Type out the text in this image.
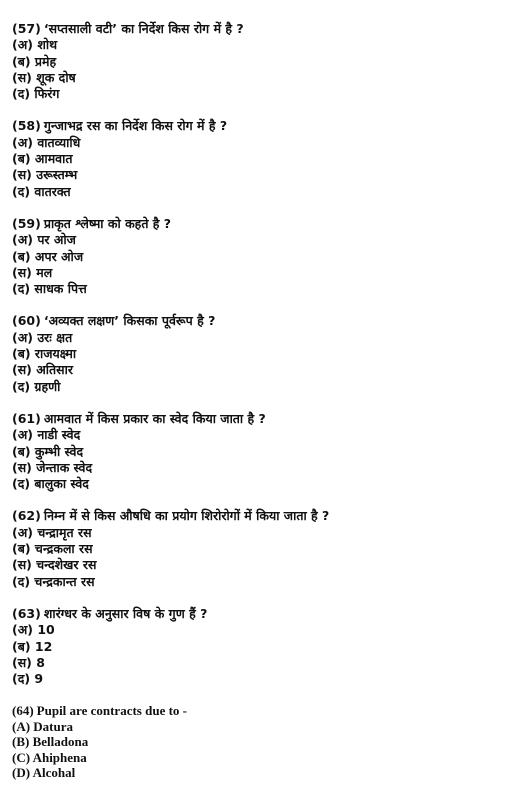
(57) ‘सप्तसाली वटी’ का निर्देश किस रोग में है ?
(अ) शोथ
(ब) प्रमेह
(स) शूक दोष
(द) फिरंग
(58) गुन्जाभद्र रस का निर्देश किस रोग में है ?
(अ) वातव्याधि
(ब) आमवात
(स) उरूस्तम्भ
(द) वातरक्त
(59) प्राकृत श्लेष्मा को कहते है ?
(अ) पर ओज
(ब) अपर ओज
(स) मल
(द) साधक पित्त
(60) ‘अव्यक्त लक्षण’ किसका पूर्वरूप है ?
(अ) उरः क्षत
(ब) राजयक्ष्मा
(स) अतिसार
(द) ग्रहणी
(61) आमवात में किस प्रकार का स्वेद किया जाता है ?
(अ) नाडी स्वेद
(ब) कुम्भी स्वेद
(स) जेन्ताक स्वेद
(द) बालुका स्वेद
(62) निम्न में से किस औषधि का प्रयोग शिरोरोगों में किया जाता है ?
(अ) चन्द्रामृत रस
(ब) चन्द्रकला रस
(स) चन्दशेखर रस
(द) चन्द्रकान्त रस
(63) शारंग्धर के अनुसार विष के गुण हैं ?
(अ) 10
(ब) 12
(स) 8
(द) 9
(64) Pupil are contracts due to -
(A) Datura
(B) Belladona
(C) Ahiphena
(D) Alcohal
